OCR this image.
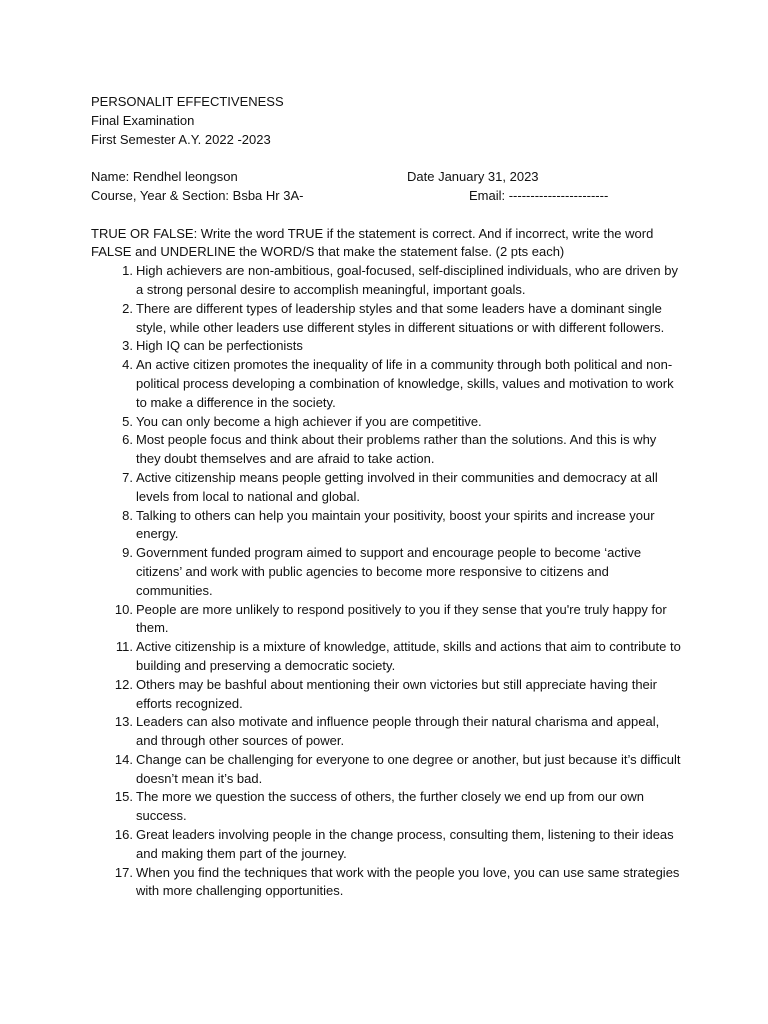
PERSONALIT EFFECTIVENESS
Final Examination
First Semester A.Y. 2022 -2023
Name: Rendhel leongson	Date January 31, 2023
Course, Year & Section: Bsba Hr 3A-	Email: -----------------------
TRUE OR FALSE: Write the word TRUE if the statement is correct. And if incorrect, write the word FALSE and UNDERLINE the WORD/S that make the statement false. (2 pts each)
1. High achievers are non-ambitious, goal-focused, self-disciplined individuals, who are driven by a strong personal desire to accomplish meaningful, important goals.
2. There are different types of leadership styles and that some leaders have a dominant single style, while other leaders use different styles in different situations or with different followers.
3. High IQ can be perfectionists
4. An active citizen promotes the inequality of life in a community through both political and non-political process developing a combination of knowledge, skills, values and motivation to work to make a difference in the society.
5. You can only become a high achiever if you are competitive.
6. Most people focus and think about their problems rather than the solutions. And this is why they doubt themselves and are afraid to take action.
7. Active citizenship means people getting involved in their communities and democracy at all levels from local to national and global.
8. Talking to others can help you maintain your positivity, boost your spirits and increase your energy.
9. Government funded program aimed to support and encourage people to become ‘active citizens’ and work with public agencies to become more responsive to citizens and communities.
10. People are more unlikely to respond positively to you if they sense that you're truly happy for them.
11. Active citizenship is a mixture of knowledge, attitude, skills and actions that aim to contribute to building and preserving a democratic society.
12. Others may be bashful about mentioning their own victories but still appreciate having their efforts recognized.
13. Leaders can also motivate and influence people through their natural charisma and appeal, and through other sources of power.
14. Change can be challenging for everyone to one degree or another, but just because it’s difficult doesn’t mean it’s bad.
15. The more we question the success of others, the further closely we end up from our own success.
16. Great leaders involving people in the change process, consulting them, listening to their ideas and making them part of the journey.
17. When you find the techniques that work with the people you love, you can use same strategies with more challenging opportunities.
